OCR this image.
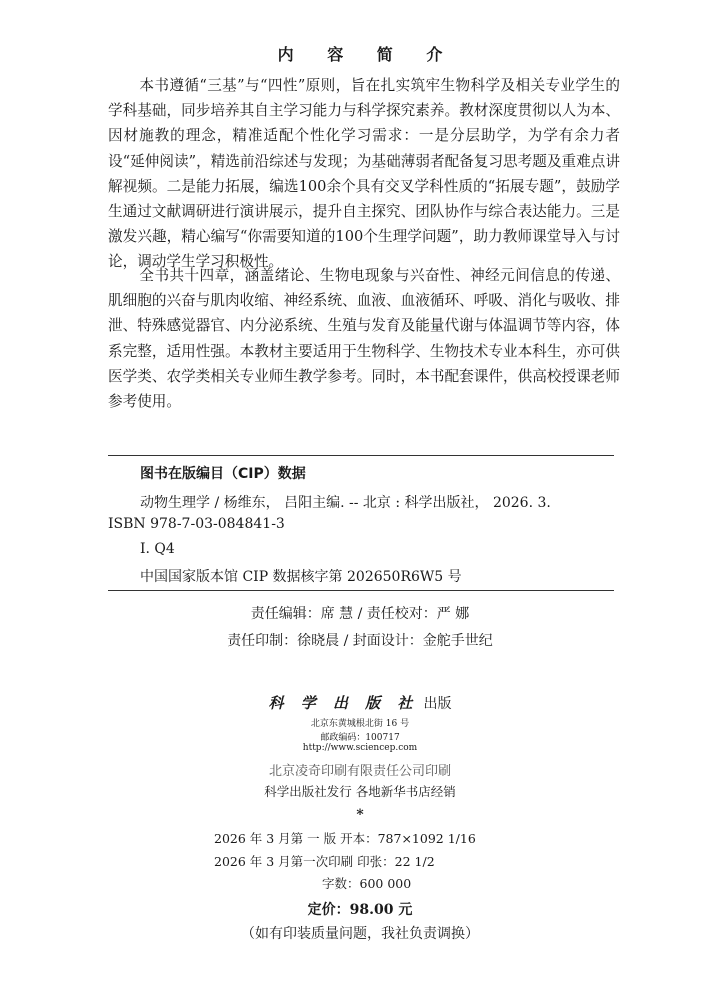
内 容 简 介

本书遵循“三基”与“四性”原则，旨在扎实筑牢生物科学及相关专业学生的学科基础，同步培养其自主学习能力与科学探究素养。教材深度贯彻以人为本、因材施教的理念，精准适配个性化学习需求：一是分层助学，为学有余力者设“延伸阅读”，精选前沿综述与发现；为基础薄弱者配备复习思考题及重难点讲解视频。二是能力拓展，编选100余个具有交叉学科性质的“拓展专题”，鼓励学生通过文献调研进行演讲展示，提升自主探究、团队协作与综合表达能力。三是激发兴趣，精心编写“你需要知道的100个生理学问题”，助力教师课堂导入与讨论，调动学生学习积极性。

全书共十四章，涵盖绪论、生物电现象与兴奋性、神经元间信息的传递、肌细胞的兴奋与肌肉收缩、神经系统、血液、血液循环、呼吸、消化与吸收、排泄、特殊感觉器官、内分泌系统、生殖与发育及能量代谢与体温调节等内容，体系完整，适用性强。本教材主要适用于生物科学、生物技术专业本科生，亦可供医学类、农学类相关专业师生教学参考。同时，本书配套课件，供高校授课老师参考使用。

图书在版编目（CIP）数据
动物生理学 / 杨维东， 吕阳主编. -- 北京 : 科学出版社， 2026. 3.
ISBN 978-7-03-084841-3
Ⅰ. Q4
中国国家版本馆 CIP 数据核字第 202650R6W5 号
责任编辑：席 慧 / 责任校对：严 娜
责任印制：徐晓晨 / 封面设计：金舵手世纪
科 学 出 版 社 出版
北京东黄城根北街 16 号
邮政编码：100717
http://www.sciencep.com
北京凌奇印刷有限责任公司印刷
科学出版社发行 各地新华书店经销
*
2026 年 3 月第 一 版 开本：787×1092 1/16
2026 年 3 月第一次印刷 印张：22 1/2
字数：600 000
定价：98.00 元
（如有印装质量问题，我社负责调换）
